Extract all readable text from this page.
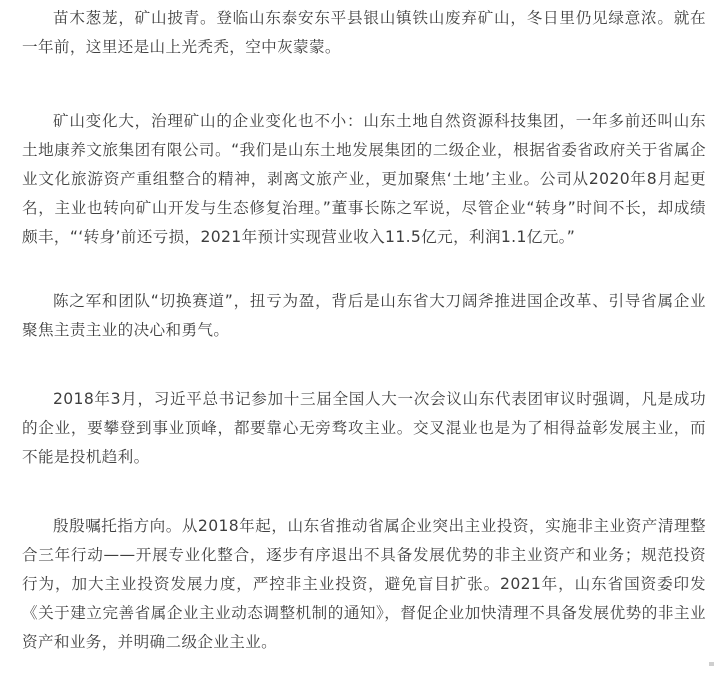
苗木葱茏，矿山披青。登临山东泰安东平县银山镇铁山废弃矿山，冬日里仍见绿意浓。就在一年前，这里还是山上光秃秃，空中灰蒙蒙。

矿山变化大，治理矿山的企业变化也不小：山东土地自然资源科技集团，一年多前还叫山东土地康养文旅集团有限公司。“我们是山东土地发展集团的二级企业，根据省委省政府关于省属企业文化旅游资产重组整合的精神，剥离文旅产业，更加聚焦‘土地’主业。公司从2020年8月起更名，主业也转向矿山开发与生态修复治理。”董事长陈之军说，尽管企业“转身”时间不长，却成绩颇丰，“‘转身’前还亏损，2021年预计实现营业收入11.5亿元，利润1.1亿元。”

陈之军和团队“切换赛道”，扭亏为盈，背后是山东省大刀阔斧推进国企改革、引导省属企业聚焦主责主业的决心和勇气。

2018年3月，习近平总书记参加十三届全国人大一次会议山东代表团审议时强调，凡是成功的企业，要攀登到事业顶峰，都要靠心无旁骛攻主业。交叉混业也是为了相得益彰发展主业，而不能是投机趋利。

殷殷嘱托指方向。从2018年起，山东省推动省属企业突出主业投资，实施非主业资产清理整合三年行动——开展专业化整合，逐步有序退出不具备发展优势的非主业资产和业务；规范投资行为，加大主业投资发展力度，严控非主业投资，避免盲目扩张。2021年，山东省国资委印发《关于建立完善省属企业主业动态调整机制的通知》，督促企业加快清理不具备发展优势的非主业资产和业务，并明确二级企业主业。
